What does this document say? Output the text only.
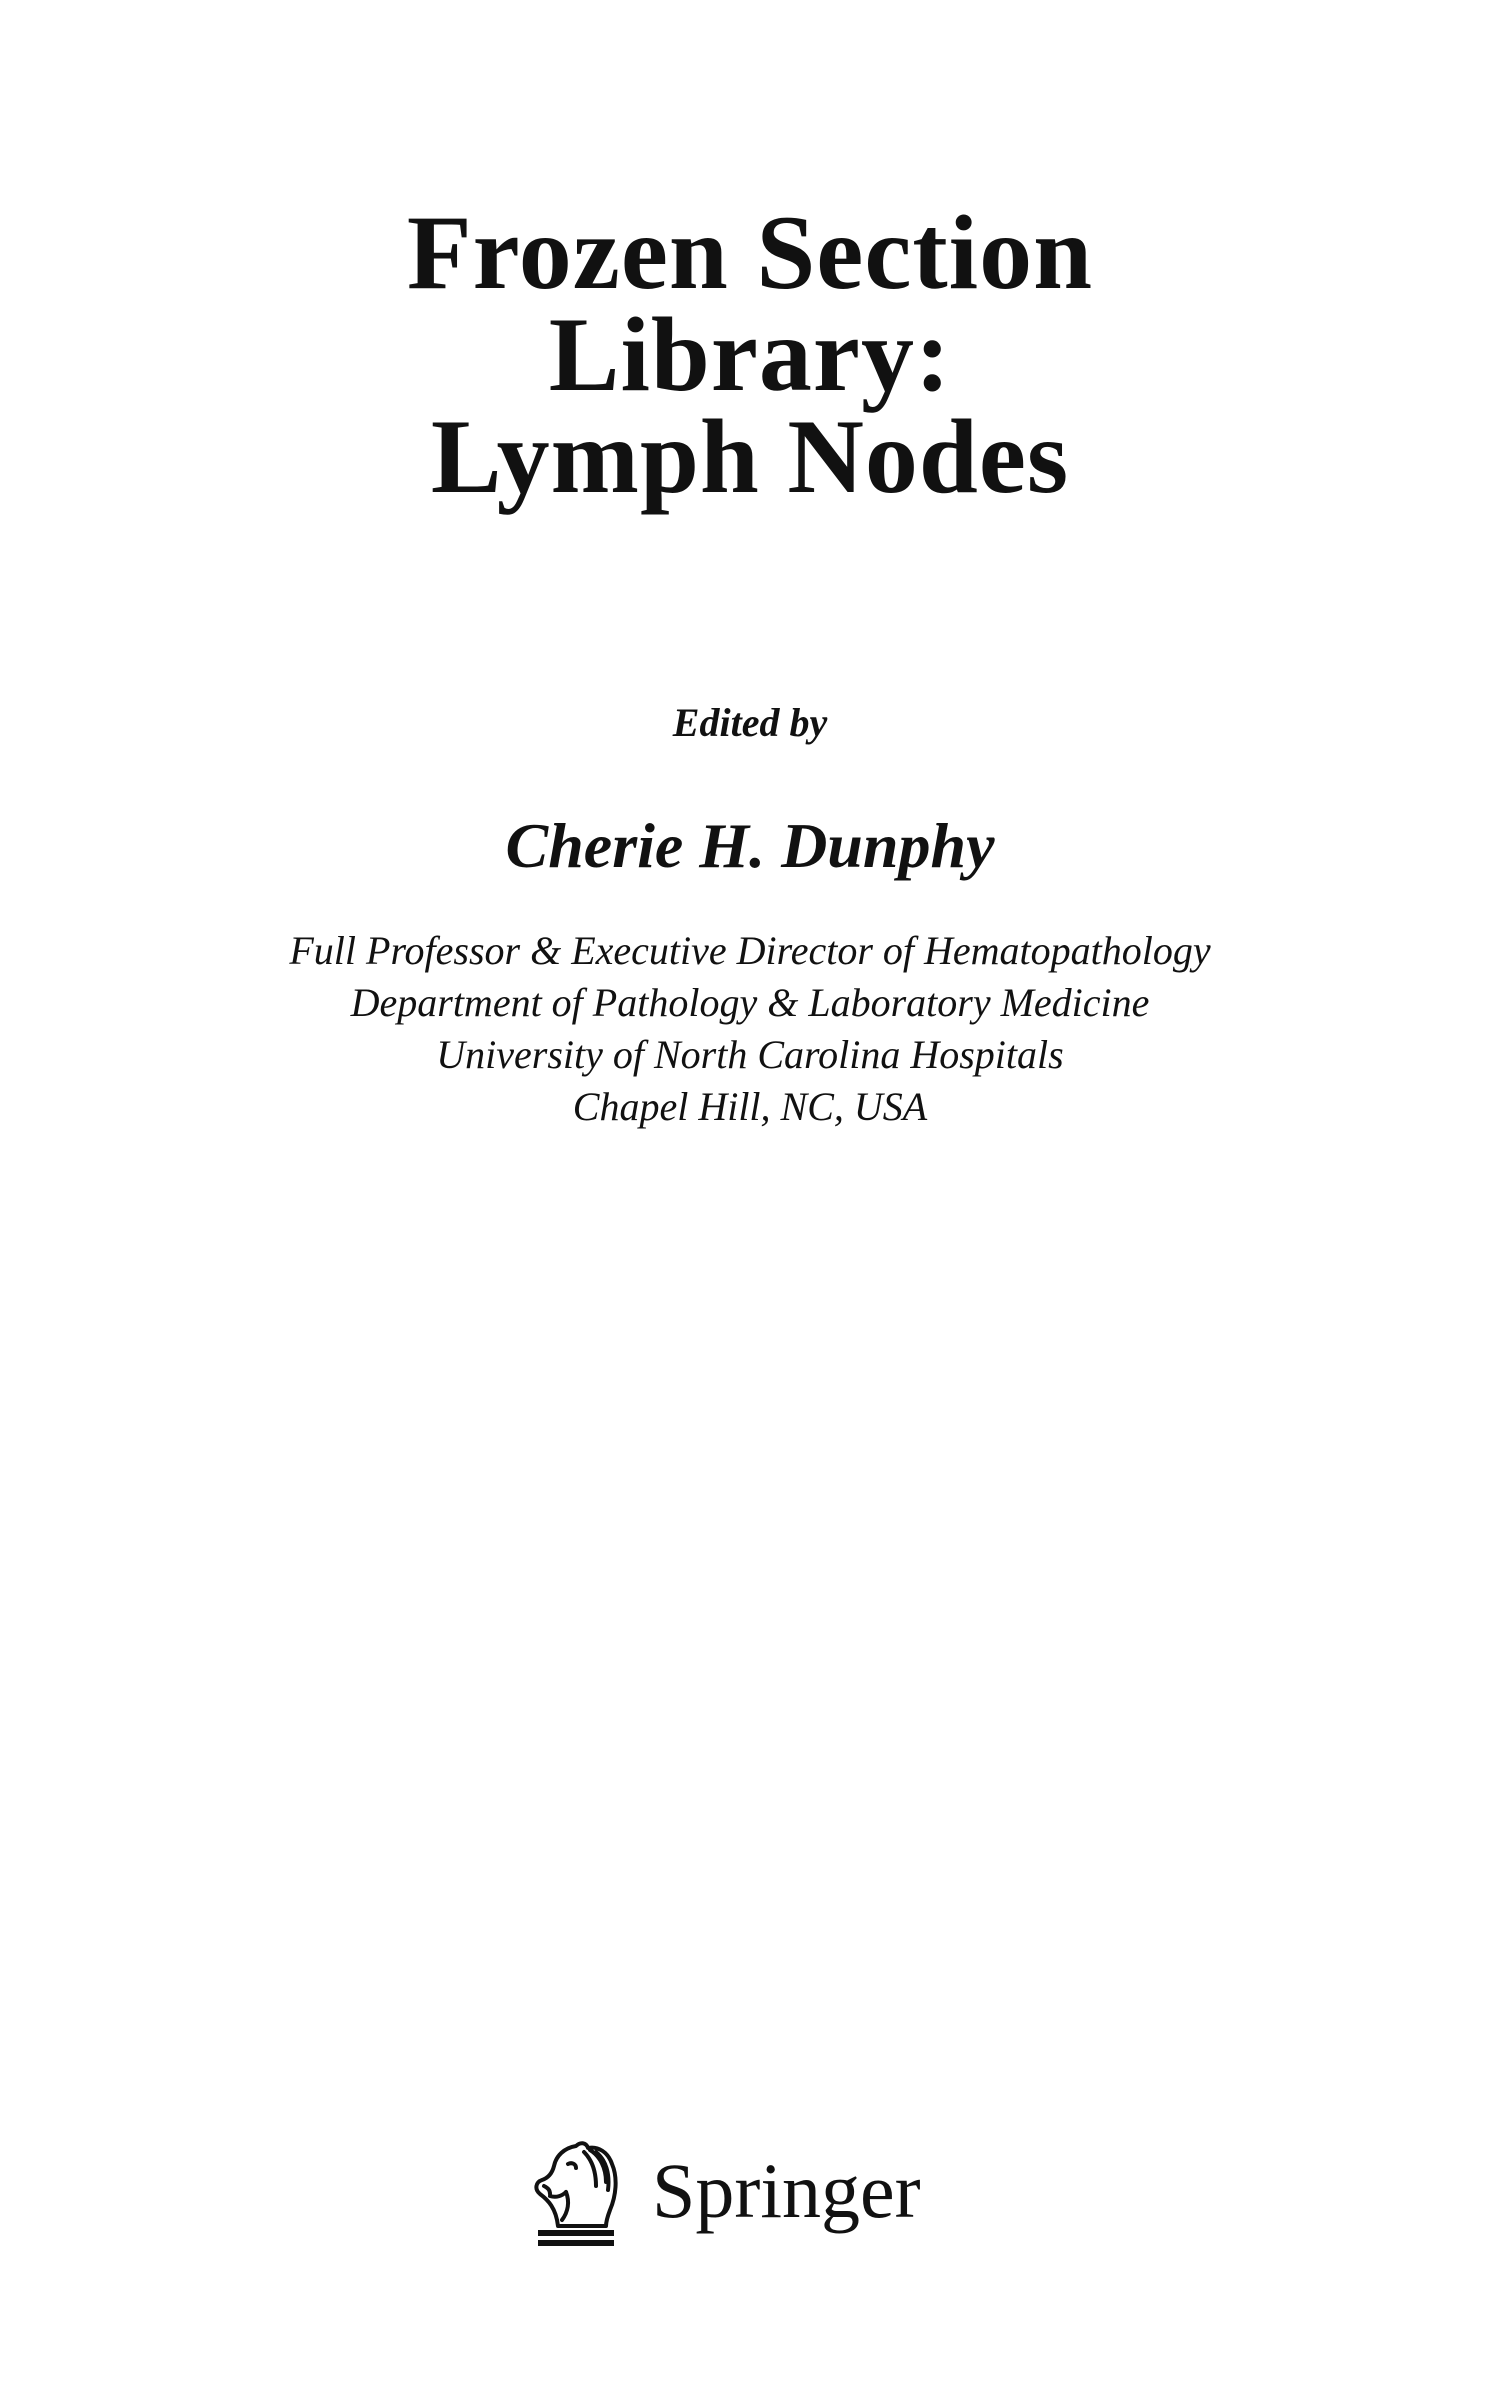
Frozen Section
Library:
Lymph Nodes
Edited by
Cherie H. Dunphy
Full Professor & Executive Director of Hematopathology
Department of Pathology & Laboratory Medicine
University of North Carolina Hospitals
Chapel Hill, NC, USA
Springer
